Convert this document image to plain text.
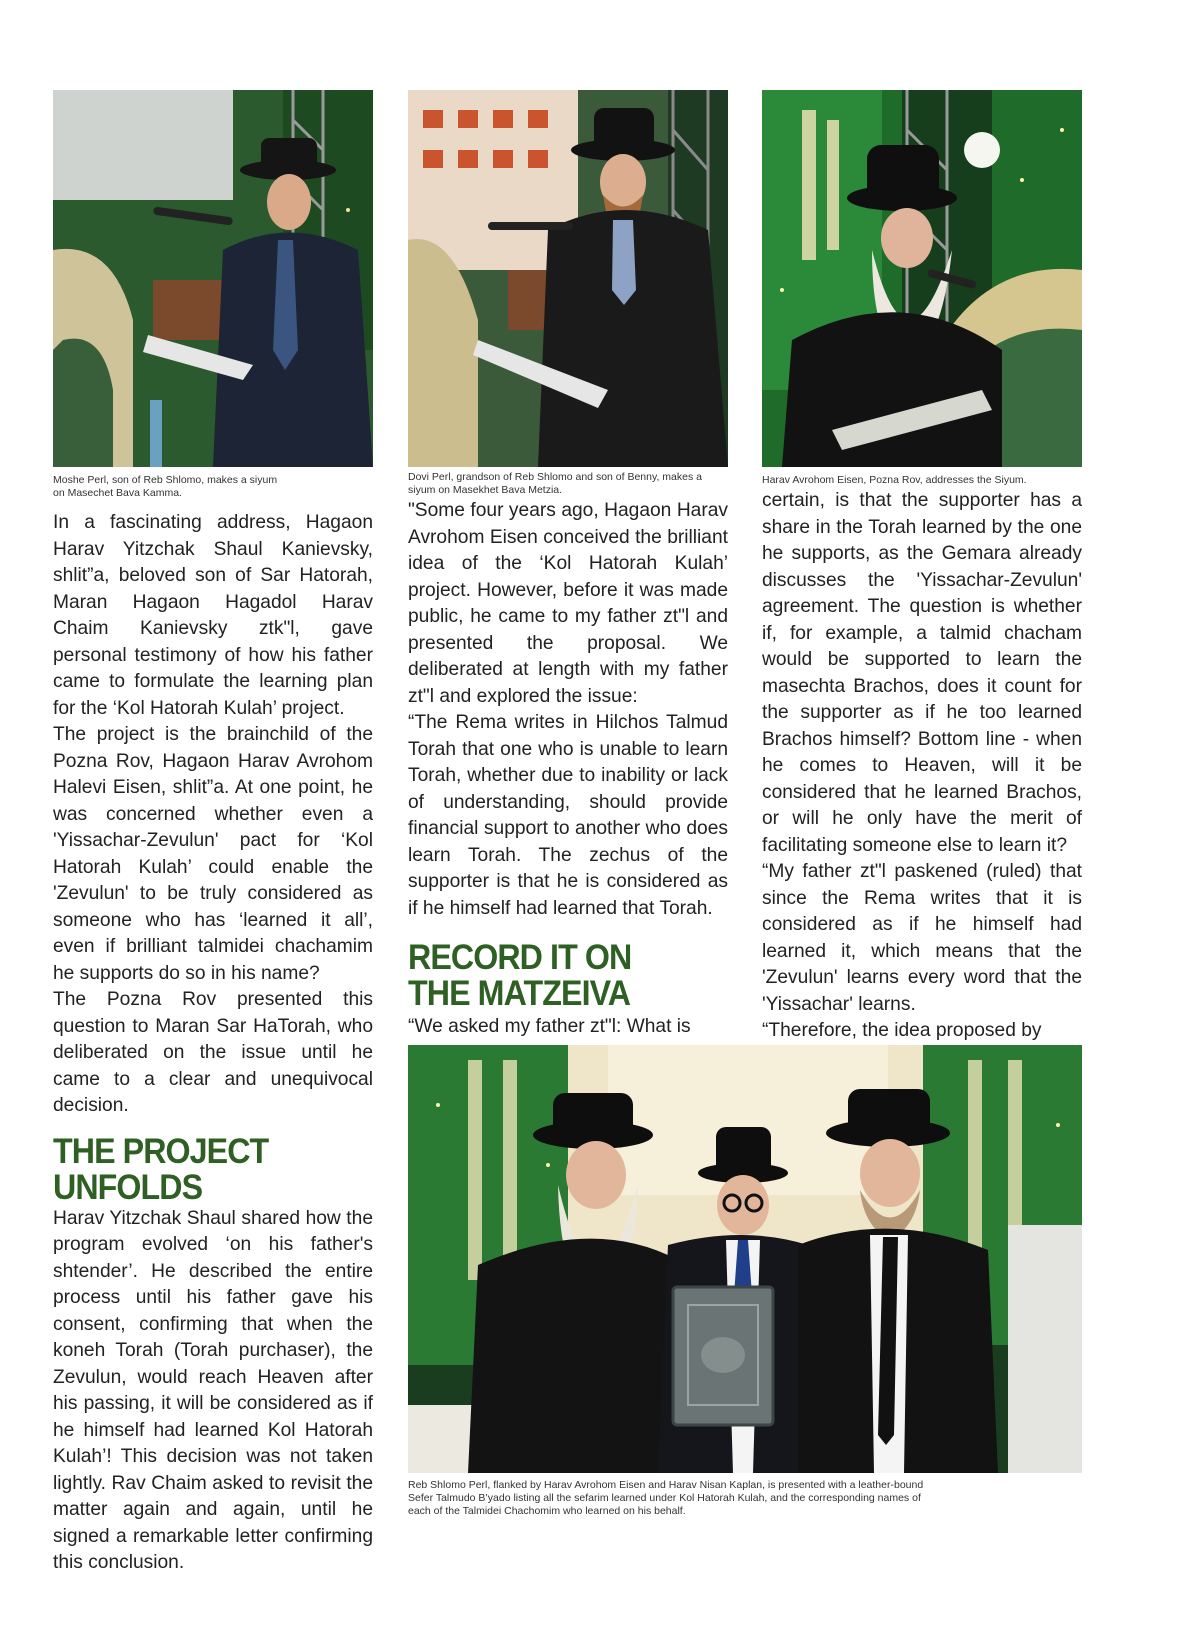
Moshe Perl, son of Reb Shlomo, makes a siyum on Masechet Bava Kamma.
Dovi Perl, grandson of Reb Shlomo and son of Benny, makes a siyum on Masekhet Bava Metzia.
Harav Avrohom Eisen, Pozna Rov, addresses the Siyum.
Reb Shlomo Perl, flanked by Harav Avrohom Eisen and Harav Nisan Kaplan, is presented with a leather-bound Sefer Talmudo B’yado listing all the sefarim learned under Kol Hatorah Kulah, and the corresponding names of each of the Talmidei Chachomim who learned on his behalf.

In a fascinating address, Hagaon Harav Yitzchak Shaul Kanievsky, shlit”a, beloved son of Sar Hatorah, Maran Hagaon Hagadol Harav Chaim Kanievsky ztk"l, gave personal testimony of how his father came to formulate the learning plan for the ‘Kol Hatorah Kulah’ project.

The project is the brainchild of the Pozna Rov, Hagaon Harav Avrohom Halevi Eisen, shlit”a. At one point, he was concerned whether even a 'Yissachar-Zevulun' pact for ‘Kol Hatorah Kulah’ could enable the 'Zevulun' to be truly considered as someone who has ‘learned it all’, even if brilliant talmidei chachamim he supports do so in his name?

The Pozna Rov presented this question to Maran Sar HaTorah, who deliberated on the issue until he came to a clear and unequivocal decision.

THE PROJECT UNFOLDS

Harav Yitzchak Shaul shared how the program evolved ‘on his father's shtender’. He described the entire process until his father gave his consent, confirming that when the koneh Torah (Torah purchaser), the Zevulun, would reach Heaven after his passing, it will be considered as if he himself had learned Kol Hatorah Kulah’! This decision was not taken lightly. Rav Chaim asked to revisit the matter again and again, until he signed a remarkable letter confirming this conclusion.

"Some four years ago, Hagaon Harav Avrohom Eisen conceived the brilliant idea of the ‘Kol Hatorah Kulah’ project. However, before it was made public, he came to my father zt"l and presented the proposal. We deliberated at length with my father zt"l and explored the issue:

“The Rema writes in Hilchos Talmud Torah that one who is unable to learn Torah, whether due to inability or lack of understanding, should provide financial support to another who does learn Torah. The zechus of the supporter is that he is considered as if he himself had learned that Torah.

RECORD IT ON THE MATZEIVA

“We asked my father zt"l: What is

certain, is that the supporter has a share in the Torah learned by the one he supports, as the Gemara already discusses the 'Yissachar-Zevulun' agreement. The question is whether if, for example, a talmid chacham would be supported to learn the masechta Brachos, does it count for the supporter as if he too learned Brachos himself? Bottom line - when he comes to Heaven, will it be considered that he learned Brachos, or will he only have the merit of facilitating someone else to learn it?

“My father zt"l paskened (ruled) that since the Rema writes that it is considered as if he himself had learned it, which means that the 'Zevulun' learns every word that the 'Yissachar' learns.

“Therefore, the idea proposed by
